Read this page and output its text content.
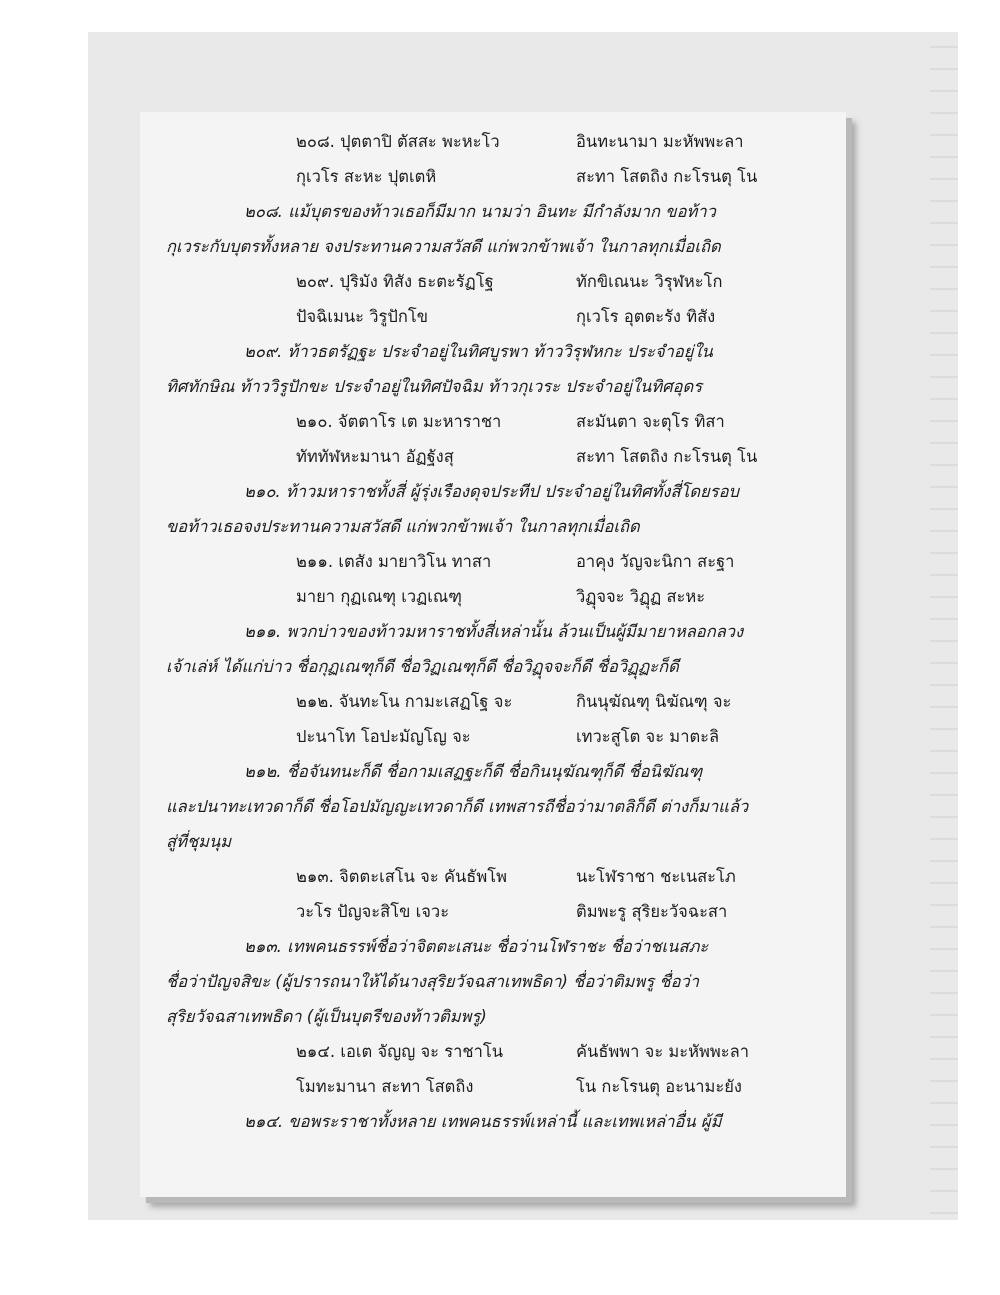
๒๐๘. ปุตตาปิ ตัสสะ พะหะโว	อินทะนามา มะหัพพะลา
กุเวโร สะหะ ปุตเตหิ	สะทา โสตถิง กะโรนตุ โน

๒๐๘. แม้บุตรของท้าวเธอก็มีมาก นามว่า อินทะ มีกำลังมาก ขอท้าว

กุเวระกับบุตรทั้งหลาย จงประทานความสวัสดี แก่พวกข้าพเจ้า ในกาลทุกเมื่อเถิด

๒๐๙. ปุริมัง ทิสัง ธะตะรัฏโฐ	ทักขิเณนะ วิรุฬหะโก
ปัจฉิเมนะ วิรูปักโข	กุเวโร อุตตะรัง ทิสัง

๒๐๙. ท้าวธตรัฏฐะ ประจำอยู่ในทิศบูรพา ท้าววิรุฬหกะ ประจำอยู่ใน

ทิศทักษิณ ท้าววิรูปักขะ ประจำอยู่ในทิศปัจฉิม ท้าวกุเวระ ประจำอยู่ในทิศอุดร

๒๑๐. จัตตาโร เต มะหาราชา	สะมันตา จะตุโร ทิสา
ทัททัฬหะมานา อัฏฐังสุ	สะทา โสตถิง กะโรนตุ โน

๒๑๐. ท้าวมหาราชทั้งสี่ ผู้รุ่งเรืองดุจประทีป ประจำอยู่ในทิศทั้งสี่โดยรอบ

ขอท้าวเธอจงประทานความสวัสดี แก่พวกข้าพเจ้า ในกาลทุกเมื่อเถิด

๒๑๑. เตสัง มายาวิโน ทาสา	อาคุง วัญจะนิกา สะฐา
มายา กุฏเณฑุ เวฏเณฑุ	วิฏุจจะ วิฏุฏ สะหะ

๒๑๑. พวกบ่าวของท้าวมหาราชทั้งสี่เหล่านั้น ล้วนเป็นผู้มีมายาหลอกลวง

เจ้าเล่ห์ ได้แก่บ่าว ชื่อกุฏเณฑุก็ดี ชื่อวิฏเณฑุก็ดี ชื่อวิฏุจจะก็ดี ชื่อวิฏุฏะก็ดี

๒๑๒. จันทะโน กามะเสฏโฐ จะ	กินนุฆัณฑุ นิฆัณฑุ จะ
ปะนาโท โอปะมัญโญ จะ	เทวะสูโต จะ มาตะลิ

๒๑๒. ชื่อจันทนะก็ดี ชื่อกามเสฏฐะก็ดี ชื่อกินนุฆัณฑุก็ดี ชื่อนิฆัณฑุ

และปนาทะเทวดาก็ดี ชื่อโอปมัญญะเทวดาก็ดี เทพสารถีชื่อว่ามาตลิก็ดี ต่างก็มาแล้ว

สู่ที่ชุมนุม

๒๑๓. จิตตะเสโน จะ คันธัพโพ	นะโฬราชา ชะเนสะโภ
วะโร ปัญจะสิโข เจวะ	ติมพะรู สุริยะวัจฉะสา

๒๑๓. เทพคนธรรพ์ชื่อว่าจิตตะเสนะ ชื่อว่านโฬราชะ ชื่อว่าชเนสภะ

ชื่อว่าปัญจสิขะ (ผู้ปรารถนาให้ได้นางสุริยวัจฉสาเทพธิดา) ชื่อว่าติมพรู ชื่อว่า

สุริยวัจฉสาเทพธิดา (ผู้เป็นบุตรีของท้าวติมพรู)

๒๑๔. เอเต จัญญ จะ ราชาโน	คันธัพพา จะ มะหัพพะลา
โมทะมานา สะทา โสตถิง	โน กะโรนตุ อะนามะยัง

๒๑๔. ขอพระราชาทั้งหลาย เทพคนธรรพ์เหล่านี้ และเทพเหล่าอื่น ผู้มี
